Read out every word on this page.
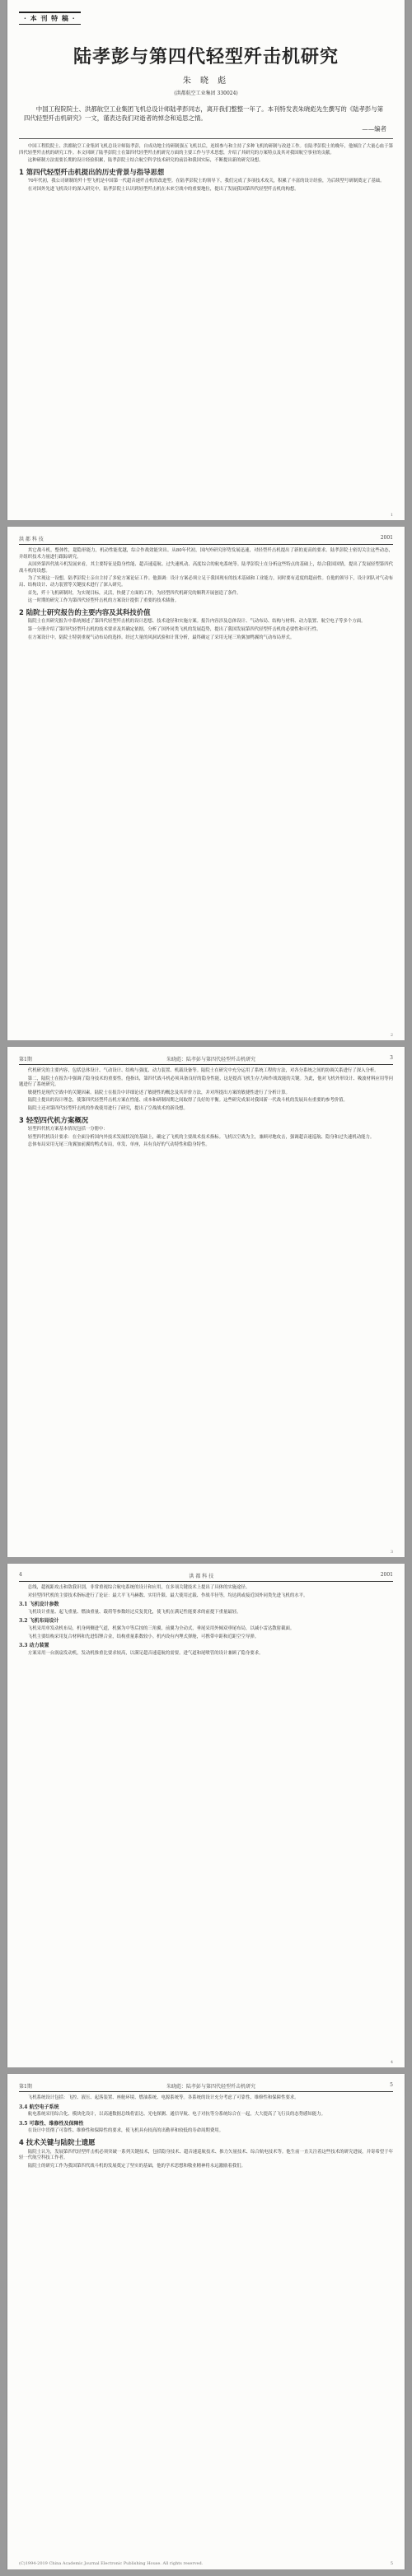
· 本 刊 特 稿 ·
陆孝彭与第四代轻型歼击机研究
朱 晓 彪
(洪都航空工业集团 330024)
中国工程院院士、洪都航空工业集团飞机总设计师陆孝彭同志，离开我们整整一年了。本刊特发表朱晓彪先生撰写的《陆孝彭与第四代轻型歼击机研究》一文，谨表达我们对逝者的悼念和追思之情。
——编者

中国工程院院士、洪都航空工业集团飞机总设计师陆孝彭，自成功地主持研制强五飞机以后，连续参与和主持了多种飞机的研制与改进工作。在陆孝彭院士的晚年，他倾注了大量心血于第四代轻型歼击机的研究工作。本文回顾了陆孝彭院士在第四代轻型歼击机研究方面的主要工作与学术思想，介绍了其研究的方案特点及其对我国航空事业的贡献。

这种研制方法需要长期的设计经验积累，陆孝彭院士结合航空科学技术研究的前沿和我国实际，不断提出新的研究设想。

1 第四代轻型歼击机提出的历史背景与指导思想

70年代初，我公司研制的歼十型飞机是中国第一代超音速歼击机的改进型。在陆孝彭院士的领导下，我们完成了多项技术攻关，积累了丰富的设计经验，为后续型号研制奠定了基础。

在对国外先进飞机设计的深入研究中，陆孝彭院士认识到轻型歼击机在未来空战中的重要地位，提出了发展我国第四代轻型歼击机的构想。

1
洪 都 科 技	2001

其它战斗机，整体性，超隐形能力，机动性能优越，综合作战效能突出。从80年代初，国内外研究形势发展迅速，对轻型歼击机提出了新的更高的要求。陆孝彭院士密切关注这些动态，并组织技术力量进行跟踪研究。

从国外第四代战斗机发展来看，其主要特征是隐身性能、超音速巡航、过失速机动、高度综合的航电系统等。陆孝彭院士在分析这些特点的基础上，结合我国国情，提出了发展轻型第四代战斗机的设想。

为了实现这一设想，陆孝彭院士亲自主持了多轮方案论证工作。他强调：设计方案必须立足于我国现有的技术基础和工业能力，同时要有适度的超前性。在他的领导下，设计团队对气动布局、结构设计、动力装置等关键技术进行了深入研究。

首先，歼十飞机研制时，为实现目标，灵活，快捷了方面的工作，为轻型四代机研究的顺利开展创造了条件。

这一时期的研究工作为第四代轻型歼击机的方案设计提供了重要的技术储备。

2 陆院士研究报告的主要内容及其科技价值

陆院士在其研究报告中系统阐述了第四代轻型歼击机的设计思想、技术途径和实施方案。报告内容涉及总体设计、气动布局、结构与材料、动力装置、航空电子等多个方面。

第一分册介绍了第四代轻型歼击机的技术要求及其确定依据，分析了国外同类飞机的发展趋势，提出了我国发展第四代轻型歼击机的必要性和可行性。

在方案设计中，陆院士特别重视气动布局的选择。经过大量的风洞试验和计算分析，最终确定了采用无尾三角翼加鸭翼的气动布局形式。

2
第1期	朱晓彪：陆孝彭与第四代轻型歼击机研究	3

代机研究的主要内容，包括总体设计、气动设计、结构与强度、动力装置、机载设备等。陆院士在研究中充分运用了系统工程的方法，对各分系统之间的协调关系进行了深入分析。

第二，陆院士在报告中强调了隐身技术的重要性。他指出，第四代战斗机必须具备良好的隐身性能，这是提高飞机生存力和作战效能的关键。为此，他对飞机外形设计、吸波材料应用等问题进行了系统研究。

敏捷性是现代空战中的关键因素。陆院士在报告中详细论述了敏捷性的概念及其评价方法，并对所提出方案的敏捷性进行了分析计算。

陆院士提出的设计理念，使第四代轻型歼击机方案在性能、成本和研制周期之间取得了良好的平衡。这些研究成果对我国新一代战斗机的发展具有重要的参考价值。

陆院士还对第四代轻型歼击机的作战使用进行了研究，提出了空战战术的新设想。

3 轻型四代机方案概况

轻型四代机方案基本情况包括一分册中：

轻型四代机设计要求：在全面分析国内外技术发展状况的基础上，确定了飞机的主要战术技术指标。飞机以空战为主，兼顾对地攻击，强调超音速巡航、隐身和过失速机动能力。

总体布局采用无尾三角翼加前翼的鸭式布局，单发、单座，具有良好的气动特性和隐身特性。

3
4	洪 都 科 技	2001

总线，超视距攻击和敌我识别，非常重视综合航电系统的设计和应用，在多项关键技术上提出了具体的实施途径。

对轻型四代机的主要技术指标进行了论证：最大平飞马赫数、实用升限、最大使用过载、作战半径等，均达到或接近国外同类先进飞机的水平。

3.1 飞机设计参数

飞机设计重量、起飞重量、燃油重量、载荷等参数经过反复优化，使飞机在满足性能要求的前提下重量最轻。

3.2 飞机布局设计

飞机采用单发动机布局，机身两侧进气道，机翼为中等后掠的三角翼，前翼为全动式，垂尾采用外倾双垂尾布局，以减小雷达散射截面。

飞机主要结构采用复合材料和先进铝锂合金，结构重量系数较小。机内设有内埋式弹舱，可携带中距和近距空空导弹。

3.3 动力装置

方案采用一台涡扇发动机，发动机推重比要求较高，以满足超音速巡航的需要。进气道和尾喷管的设计兼顾了隐身要求。

4
第1期	朱晓彪：陆孝彭与第四代轻型歼击机研究	5

飞机系统设计包括：飞控、液压、起落装置、座舱环境、燃油系统、电源系统等。各系统的设计充分考虑了可靠性、维修性和保障性要求。

3.4 航空电子系统

航电系统采用综合化、模块化设计，以高速数据总线将雷达、光电探测、通信导航、电子对抗等分系统综合在一起，大大提高了飞行员的态势感知能力。

3.5 可靠性、维修性及保障性

在设计中贯彻了可靠性、维修性和保障性的要求，使飞机具有较高的出勤率和较低的寿命周期费用。

4 技术关键与陆院士遗愿

陆院士认为，发展第四代轻型歼击机必须突破一系列关键技术，包括隐身技术、超音速巡航技术、推力矢量技术、综合航电技术等。他生前一直关注着这些技术的研究进展，并寄希望于年轻一代航空科技工作者。

陆院士的研究工作为我国第四代战斗机的发展奠定了坚实的基础，他的学术思想和敬业精神将永远激励着我们。

(C)1994-2019 China Academic Journal Electronic Publishing House. All rights reserved.	5
